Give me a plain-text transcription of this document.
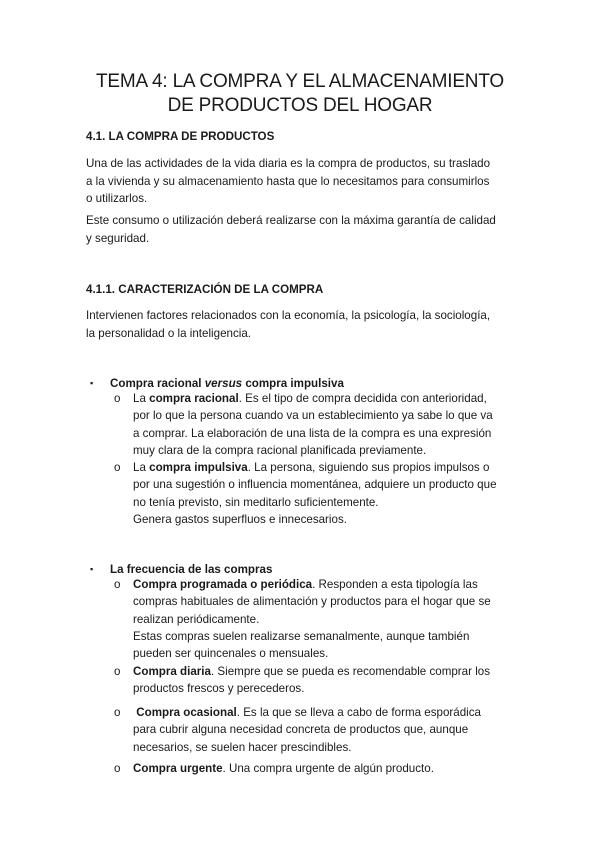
TEMA 4: LA COMPRA Y EL ALMACENAMIENTO
DE PRODUCTOS DEL HOGAR
4.1. LA COMPRA DE PRODUCTOS
Una de las actividades de la vida diaria es la compra de productos, su traslado
a la vivienda y su almacenamiento hasta que lo necesitamos para consumirlos
o utilizarlos.
Este consumo o utilización deberá realizarse con la máxima garantía de calidad
y seguridad.
4.1.1. CARACTERIZACIÓN DE LA COMPRA
Intervienen factores relacionados con la economía, la psicología, la sociología,
la personalidad o la inteligencia.
▪ Compra racional versus compra impulsiva
o La compra racional. Es el tipo de compra decidida con anterioridad,
por lo que la persona cuando va un establecimiento ya sabe lo que va
a comprar. La elaboración de una lista de la compra es una expresión
muy clara de la compra racional planificada previamente.
o La compra impulsiva. La persona, siguiendo sus propios impulsos o
por una sugestión o influencia momentánea, adquiere un producto que
no tenía previsto, sin meditarlo suficientemente.
Genera gastos superfluos e innecesarios.
▪ La frecuencia de las compras
o Compra programada o periódica. Responden a esta tipología las
compras habituales de alimentación y productos para el hogar que se
realizan periódicamente.
Estas compras suelen realizarse semanalmente, aunque también
pueden ser quincenales o mensuales.
o Compra diaria. Siempre que se pueda es recomendable comprar los
productos frescos y perecederos.
o Compra ocasional. Es la que se lleva a cabo de forma esporádica
para cubrir alguna necesidad concreta de productos que, aunque
necesarios, se suelen hacer prescindibles.
o Compra urgente. Una compra urgente de algún producto.
